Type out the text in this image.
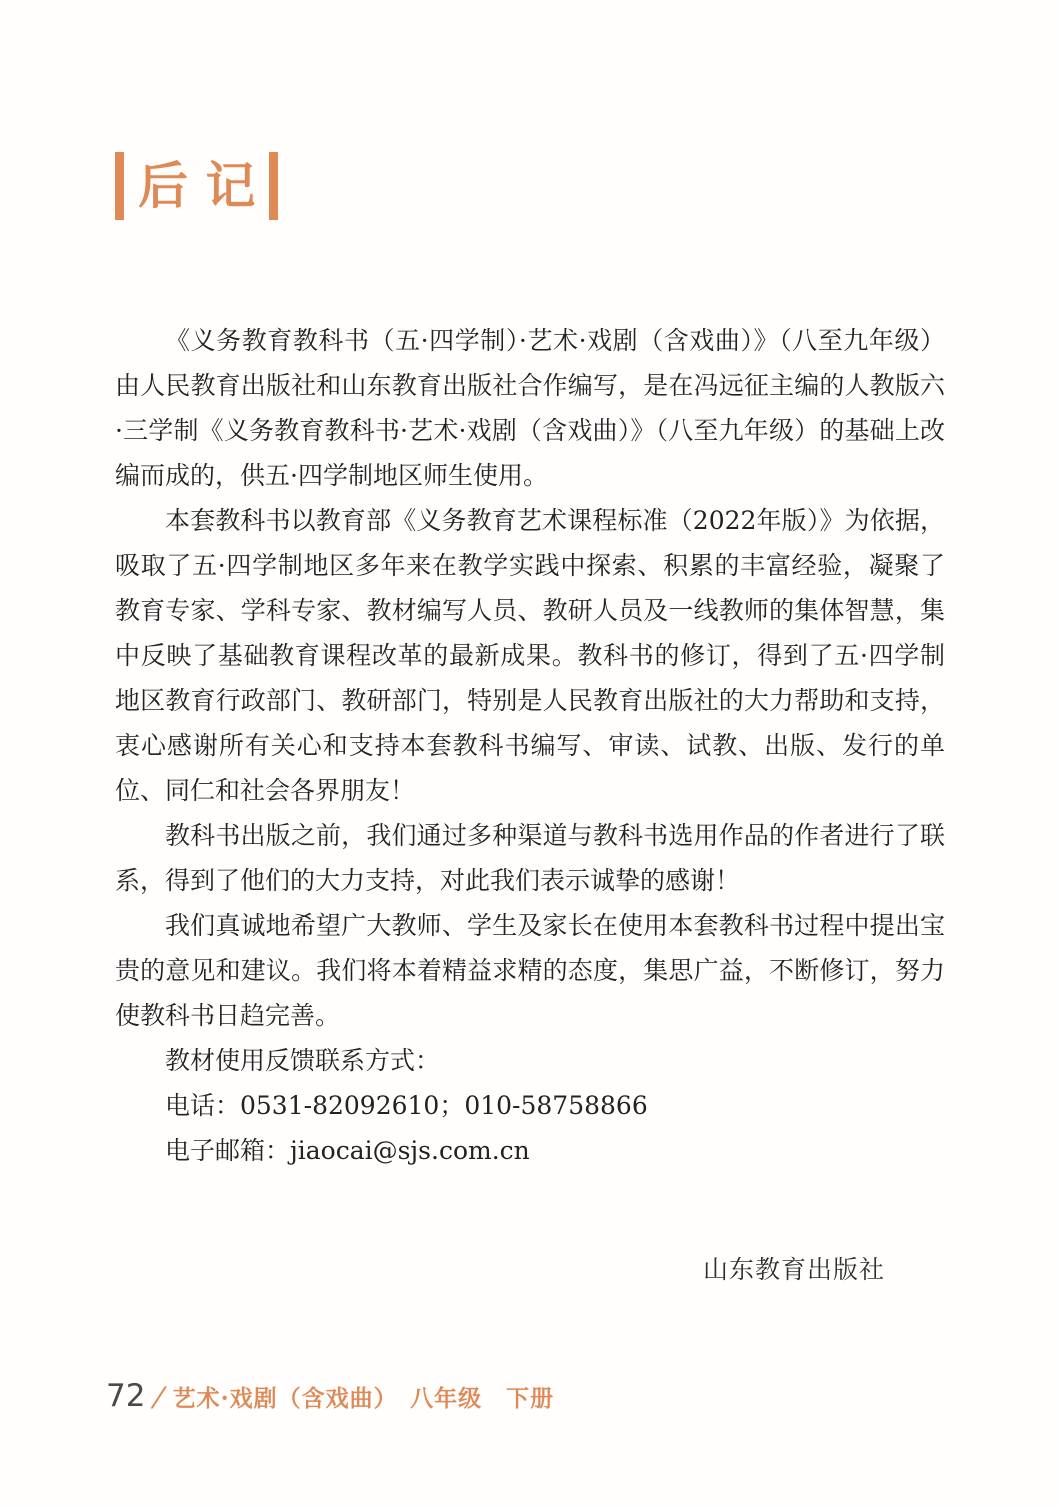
后 记

《义务教育教科书（五·四学制）·艺术·戏剧（含戏曲）》（八至九年级）由人民教育出版社和山东教育出版社合作编写，是在冯远征主编的人教版六·三学制《义务教育教科书·艺术·戏剧（含戏曲）》（八至九年级）的基础上改编而成的，供五·四学制地区师生使用。

本套教科书以教育部《义务教育艺术课程标准（2022年版）》为依据，吸取了五·四学制地区多年来在教学实践中探索、积累的丰富经验，凝聚了教育专家、学科专家、教材编写人员、教研人员及一线教师的集体智慧，集中反映了基础教育课程改革的最新成果。教科书的修订，得到了五·四学制地区教育行政部门、教研部门，特别是人民教育出版社的大力帮助和支持，衷心感谢所有关心和支持本套教科书编写、审读、试教、出版、发行的单位、同仁和社会各界朋友！

教科书出版之前，我们通过多种渠道与教科书选用作品的作者进行了联系，得到了他们的大力支持，对此我们表示诚挚的感谢！

我们真诚地希望广大教师、学生及家长在使用本套教科书过程中提出宝贵的意见和建议。我们将本着精益求精的态度，集思广益，不断修订，努力使教科书日趋完善。

教材使用反馈联系方式：

电话：0531-82092610；010-58758866

电子邮箱：jiaocai@sjs.com.cn

山东教育出版社
72 / 艺术·戏剧（含戏曲）　八年级　下册
